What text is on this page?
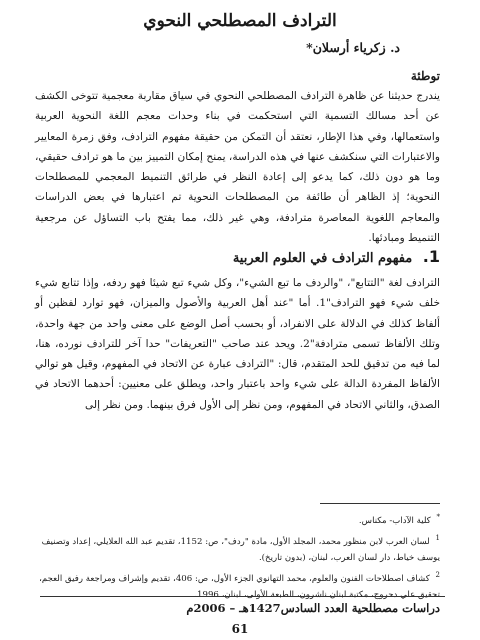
الترادف المصطلحي النحوي
د. زكرياء أرسلان*
توطئة

يندرج حديثنا عن ظاهرة الترادف المصطلحي النحوي في سياق مقاربة معجمية تتوخى الكشف عن أحد مسالك التسمية التي استحكمت في بناء وحدات معجم اللغة النحوية العربية واستعمالها، وفي هذا الإطار، نعتقد أن التمكن من حقيقة مفهوم الترادف، وفق زمرة المعايير والاعتبارات التي سنكشف عنها في هذه الدراسة، يمنح إمكان التمييز بين ما هو ترادف حقيقي، وما هو دون ذلك، كما يدعو إلى إعادة النظر في طرائق التنميط المعجمي للمصطلحات النحوية؛ إذ الظاهر أن طائفة من المصطلحات النحوية تم اعتبارها في بعض الدراسات والمعاجم اللغوية المعاصرة مترادفة، وهي غير ذلك، مما يفتح باب التساؤل عن مرجعية التنميط ومبادئها.

1. مفهوم الترادف في العلوم العربية

الترادف لغة "التتابع"، "والردف ما تبع الشيء"، وكل شيء تبع شيئا فهو ردفه، وإذا تتابع شيء خلف شيء فهو الترادف"1. أما "عند أهل العربية والأصول والميزان، فهو توارد لفظين أو ألفاظ كذلك في الدلالة على الانفراد، أو بحسب أصل الوضع على معنى واحد من جهة واحدة، وتلك الألفاظ تسمى مترادفة"2. ويحد عند صاحب "التعريفات" حدا آخر للترادف نورده، هنا، لما فيه من تدقيق للحد المتقدم، قال: "الترادف عبارة عن الاتحاد في المفهوم، وقيل هو توالي الألفاظ المفردة الدالة على شيء واحد باعتبار واحد، ويطلق على معنيين: أحدهما الاتحاد في الصدق، والثاني الاتحاد في المفهوم، ومن نظر إلى الأول فرق بينهما. ومن نظر إلى

* كلية الآداب- مكناس.
$^1$ لسان العرب لابن منظور محمد، المجلد الأول، مادة "ردف"، ص: 1152، تقديم عبد الله العلايلي، إعداد وتصنيف يوسف خياط، دار لسان العرب، لبنان، (بدون تاريخ).
$^2$ كشاف اصطلاحات الفنون والعلوم، محمد التهانوي الجزء الأول، ص: 406، تقديم وإشراف ومراجعة رفيق العجم، تحقيق علي دحروج، مكتبة لبنان ناشرون، الطبعة الأولى، لبنان، 1996.
دراسات مصطلحية العدد السادس1427هـ – 2006م
61
